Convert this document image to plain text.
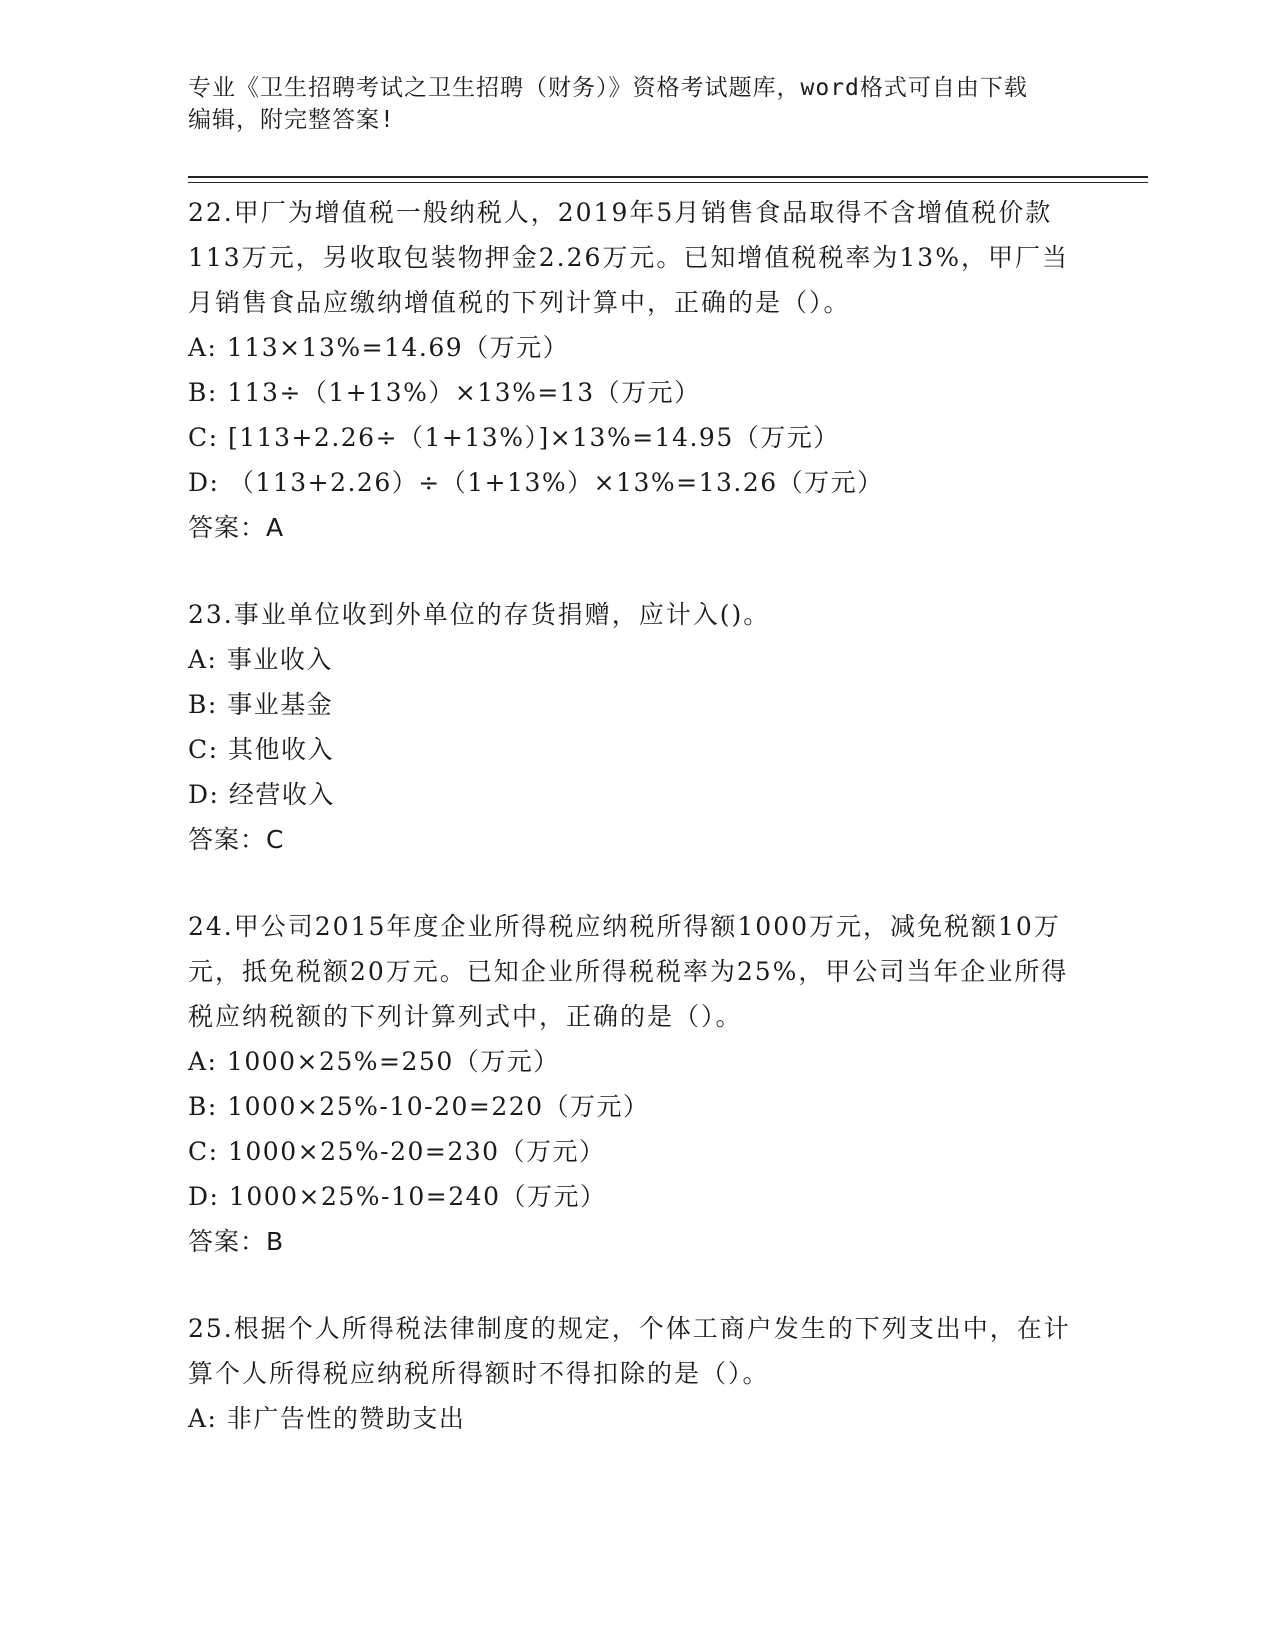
专业《卫生招聘考试之卫生招聘（财务）》资格考试题库，word格式可自由下载
编辑，附完整答案!
22.甲厂为增值税一般纳税人，2019年5月销售食品取得不含增值税价款113万元，另收取包装物押金2.26万元。已知增值税税率为13%，甲厂当月销售食品应缴纳增值税的下列计算中，正确的是（）。
A: 113×13%=14.69（万元）
B: 113÷（1+13%）×13%=13（万元）
C: [113+2.26÷（1+13%）]×13%=14.95（万元）
D: （113+2.26）÷（1+13%）×13%=13.26（万元）
答案：A
23.事业单位收到外单位的存货捐赠，应计入()。
A: 事业收入
B: 事业基金
C: 其他收入
D: 经营收入
答案：C
24.甲公司2015年度企业所得税应纳税所得额1000万元，减免税额10万元，抵免税额20万元。已知企业所得税税率为25%，甲公司当年企业所得税应纳税额的下列计算列式中，正确的是（）。
A: 1000×25%=250（万元）
B: 1000×25%-10-20=220（万元）
C: 1000×25%-20=230（万元）
D: 1000×25%-10=240（万元）
答案：B
25.根据个人所得税法律制度的规定，个体工商户发生的下列支出中，在计算个人所得税应纳税所得额时不得扣除的是（）。
A: 非广告性的赞助支出
